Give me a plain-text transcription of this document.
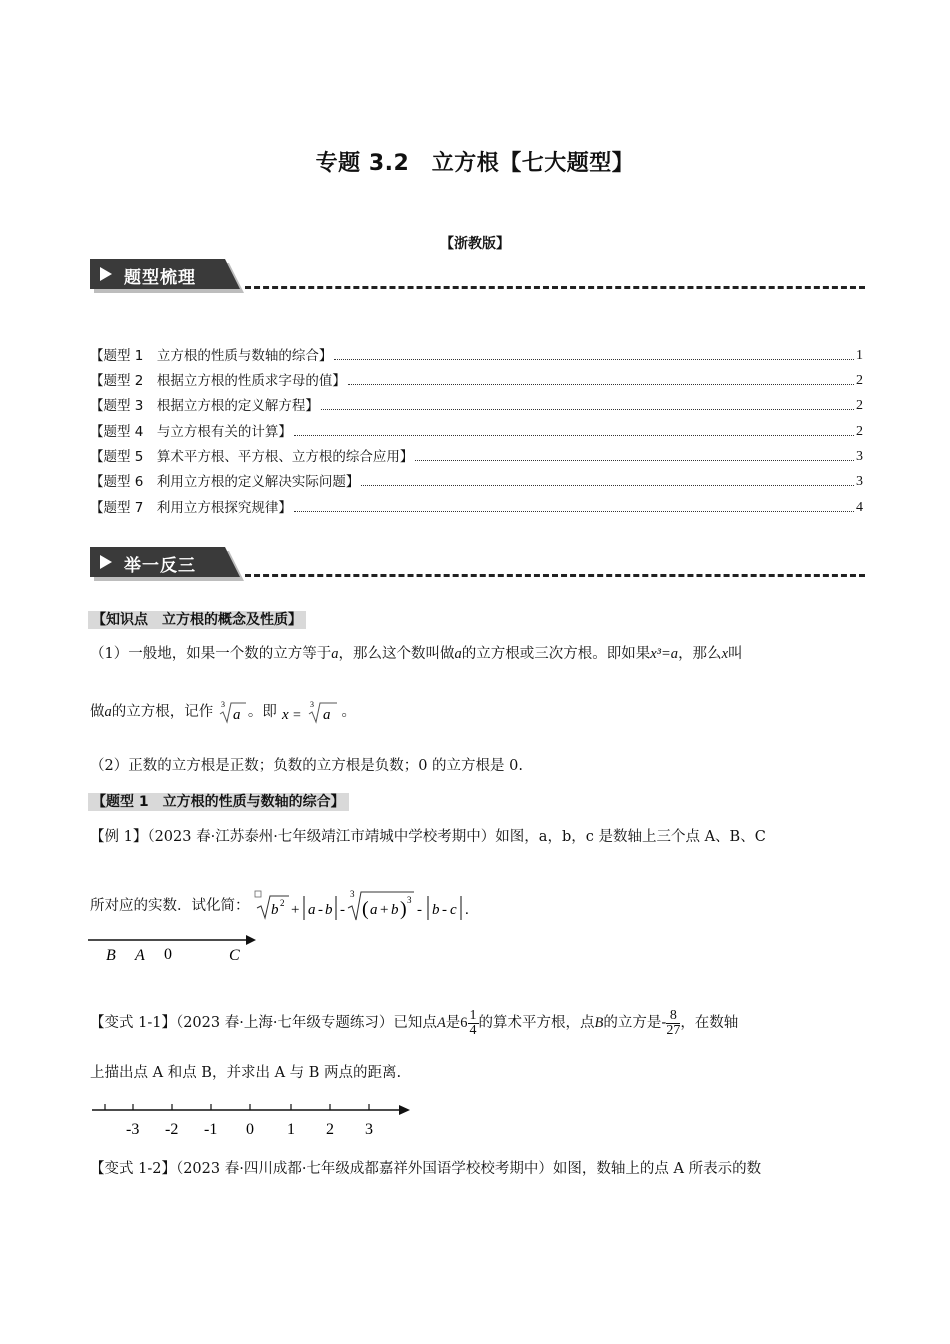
专题 3.2　立方根【七大题型】
【浙教版】
题型梳理
【题型 1　立方根的性质与数轴的综合】	1
【题型 2　根据立方根的性质求字母的值】	2
【题型 3　根据立方根的定义解方程】	2
【题型 4　与立方根有关的计算】	2
【题型 5　算术平方根、平方根、立方根的综合应用】	3
【题型 6　利用立方根的定义解决实际问题】	3
【题型 7　利用立方根探究规律】	4
举一反三
【知识点　立方根的概念及性质】
（1）一般地，如果一个数的立方等于a，那么这个数叫做a的立方根或三次方根。即如果x³=a，那么x叫
做a的立方根，记作 3
a 。即 x =
3
a 。
（2）正数的立方根是正数；负数的立方根是负数；0 的立方根是 0.
【题型 1　立方根的性质与数轴的综合】
【例 1】（2023 春·江苏泰州·七年级靖江市靖城中学校考期中）如图，a，b，c 是数轴上三个点 A、B、C
所对应的实数．试化简： b 2 + a - b -
3
( a + b ) 3
- b - c .
B A 0	C
【变式 1-1】（2023 春·上海·七年级专题练习）已知点A是$6 \frac{1}{4}$ 的算术平方根，点B的立方是- $\frac{8}{27}$ ，在数轴
上描出点 A 和点 B，并求出 A 与 B 两点的距离.
-3 -2 -1 0 1 2 3
【变式 1-2】（2023 春·四川成都·七年级成都嘉祥外国语学校校考期中）如图，数轴上的点 A 所表示的数
